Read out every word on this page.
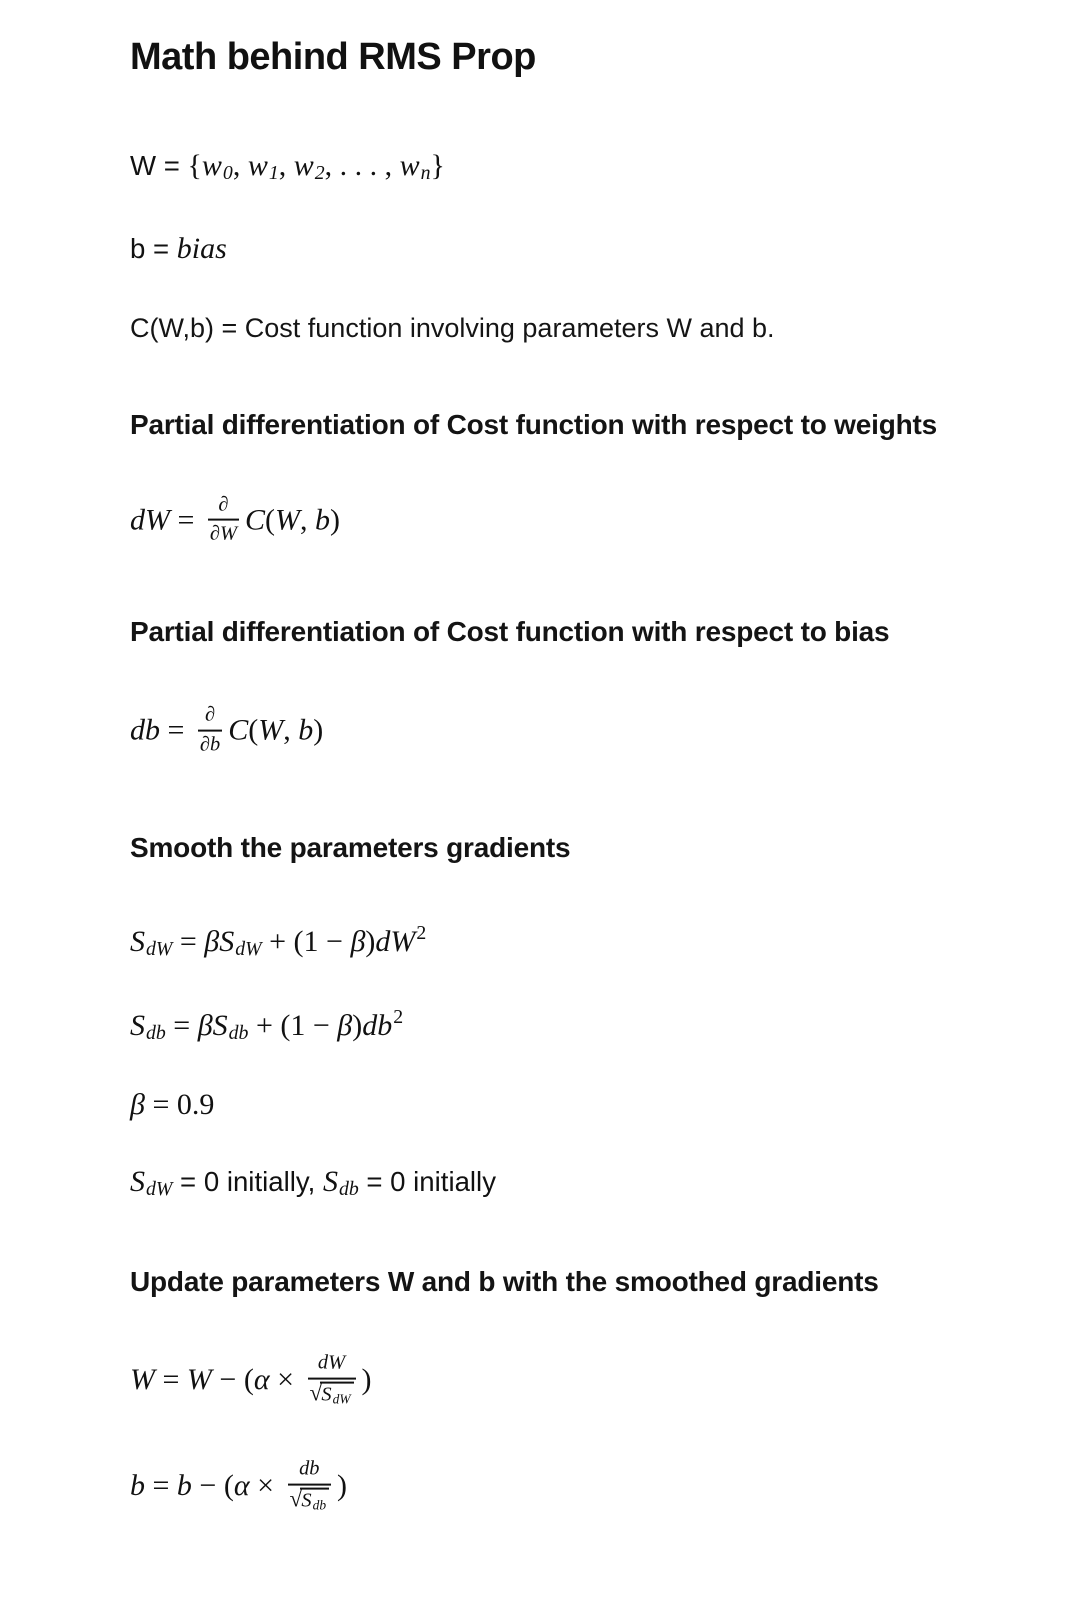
Math behind RMS Prop
W = {w0, w1, w2, . . . , wn}
b = bias

C(W,b) = Cost function involving parameters W and b.

Partial differentiation of Cost function with respect to weights
dW = $\frac{\partial}{\partial W} C(W$, b)
Partial differentiation of Cost function with respect to bias
db = $\frac{\partial}{\partial b} C(W$, b)
Smooth the parameters gradients
SdW = $\beta SdW + (1 - \beta)dW^2$
Sdb = $\beta Sdb + (1 - \beta)db^2$
β = 0.9
SdW = 0 initially, Sdb = 0 initially
Update parameters W and b with the smoothed gradients
$W = W - (\alpha \times \frac{dW}{\text{√ SdW}}$ )
$b = b - (\alpha \times \frac{db}{\text{√ Sdb}}$ )
